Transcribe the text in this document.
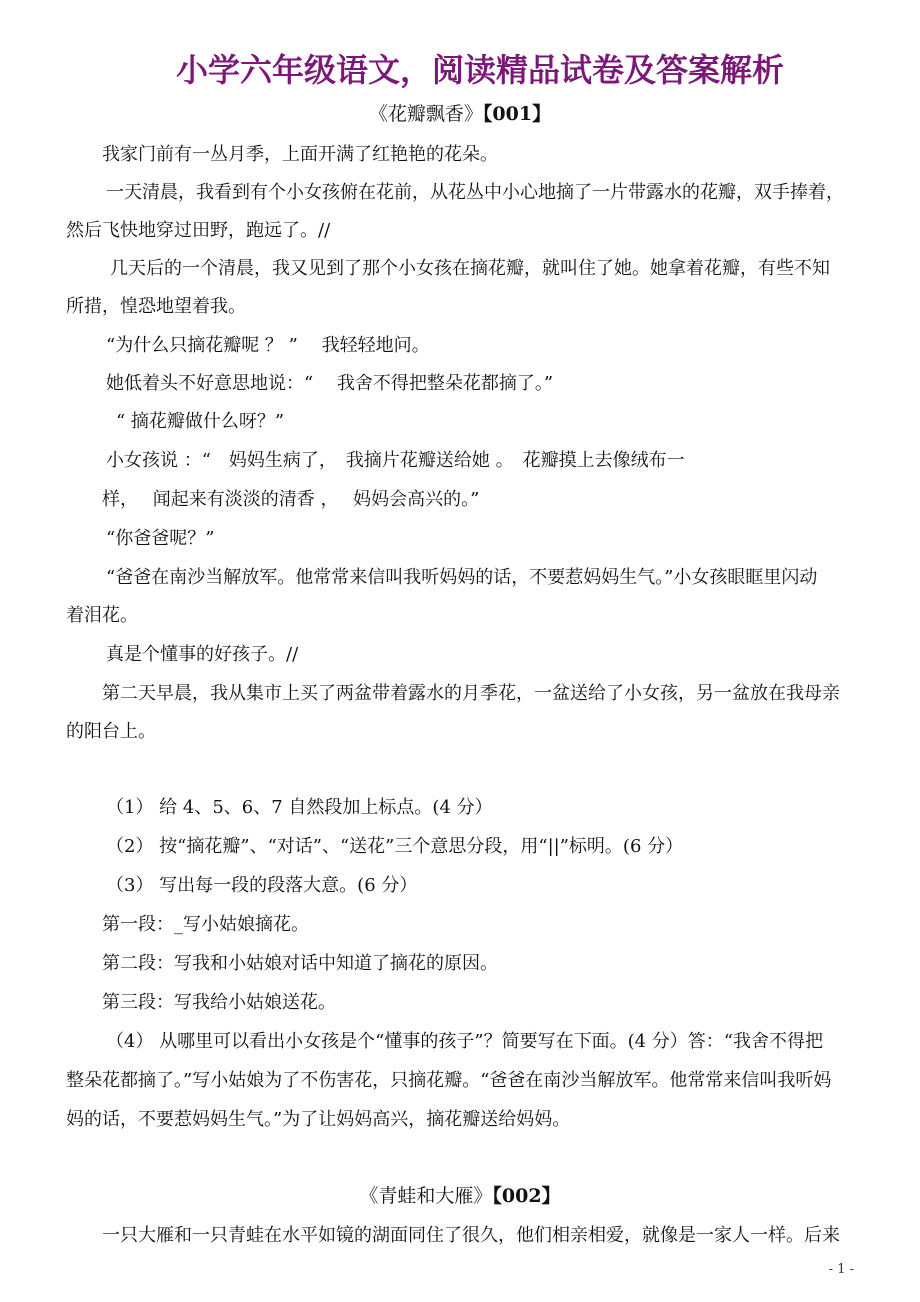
小学六年级语文，阅读精品试卷及答案解析
《花瓣飘香》【001】

我家门前有一丛月季，上面开满了红艳艳的花朵。

一天清晨，我看到有个小女孩俯在花前，从花丛中小心地摘了一片带露水的花瓣，双手捧着，

然后飞快地穿过田野，跑远了。//

几天后的一个清晨，我又见到了那个小女孩在摘花瓣，就叫住了她。她拿着花瓣，有些不知

所措，惶恐地望着我。

“为什么只摘花瓣呢 ？ ”　 我轻轻地问。

她低着头不好意思地说：“　 我舍不得把整朵花都摘了。”

“ 摘花瓣做什么呀？”

小女孩说 ：“　妈妈生病了，　我摘片花瓣送给她 。　花瓣摸上去像绒布一

样，　 闻起来有淡淡的清香 ，　 妈妈会高兴的。”

“你爸爸呢？”

“爸爸在南沙当解放军。他常常来信叫我听妈妈的话，不要惹妈妈生气。”小女孩眼眶里闪动

着泪花。

真是个懂事的好孩子。//

第二天早晨，我从集市上买了两盆带着露水的月季花，一盆送给了小女孩，另一盆放在我母亲

的阳台上。

（1） 给 4、5、6、7 自然段加上标点。(4 分）

（2） 按“摘花瓣”、“对话”、“送花”三个意思分段，用“||”标明。(6 分）

（3） 写出每一段的段落大意。(6 分）

第一段：_写小姑娘摘花。

第二段：写我和小姑娘对话中知道了摘花的原因。

第三段：写我给小姑娘送花。

（4） 从哪里可以看出小女孩是个“懂事的孩子”？简要写在下面。(4 分）答：“我舍不得把

整朵花都摘了。”写小姑娘为了不伤害花，只摘花瓣。“爸爸在南沙当解放军。他常常来信叫我听妈

妈的话，不要惹妈妈生气。”为了让妈妈高兴，摘花瓣送给妈妈。

《青蛙和大雁》【002】

一只大雁和一只青蛙在水平如镜的湖面同住了很久，他们相亲相爱，就像是一家人一样。后来

- 1 -
